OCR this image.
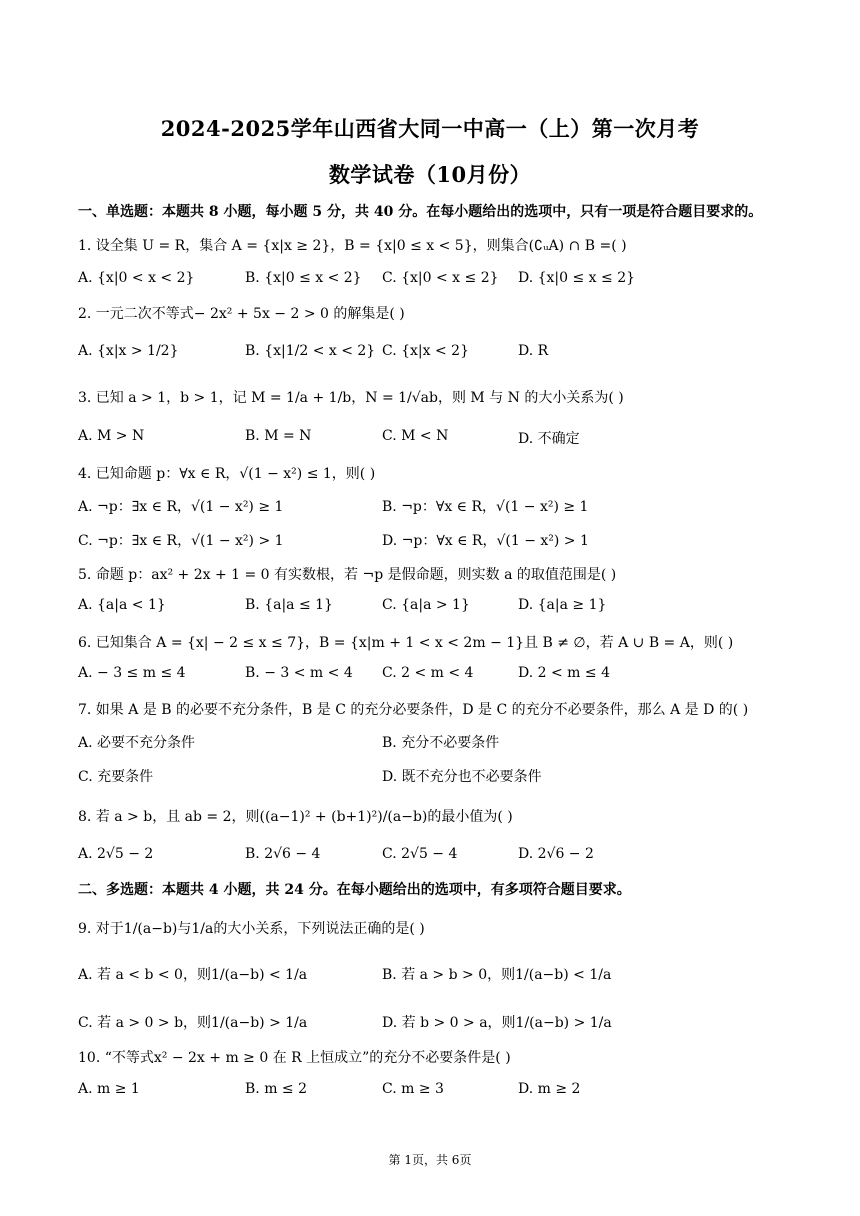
2024-2025学年山西省大同一中高一（上）第一次月考
数学试卷（10月份）
一、单选题：本题共 8 小题，每小题 5 分，共 40 分。在每小题给出的选项中，只有一项是符合题目要求的。
1. 设全集 U = R，集合 A = {x|x ≥ 2}，B = {x|0 ≤ x < 5}，则集合(∁ᵤA) ∩ B =( )
A. {x|0 < x < 2}	B. {x|0 ≤ x < 2} C. {x|0 < x ≤ 2} D. {x|0 ≤ x ≤ 2}
2. 一元二次不等式− 2x² + 5x − 2 > 0 的解集是( )
A. {x|x > 1/2}	B. {x|1/2 < x < 2} C. {x|x < 2}	D. R
3. 已知 a > 1，b > 1，记 M = 1/a + 1/b，N = 1/√ab，则 M 与 N 的大小关系为( )
A. M > N	B. M = N	C. M < N	D. 不确定
4. 已知命题 p：∀x ∈ R，√(1 − x²) ≤ 1，则( )
A. ¬p：∃x ∈ R，√(1 − x²) ≥ 1	B. ¬p：∀x ∈ R，√(1 − x²) ≥ 1
C. ¬p：∃x ∈ R，√(1 − x²) > 1	D. ¬p：∀x ∈ R，√(1 − x²) > 1
5. 命题 p：ax² + 2x + 1 = 0 有实数根，若 ¬p 是假命题，则实数 a 的取值范围是( )
A. {a|a < 1}	B. {a|a ≤ 1}	C. {a|a > 1}	D. {a|a ≥ 1}
6. 已知集合 A = {x| − 2 ≤ x ≤ 7}，B = {x|m + 1 < x < 2m − 1}且 B ≠ ∅，若 A ∪ B = A，则( )
A. − 3 ≤ m ≤ 4	B. − 3 < m < 4 C. 2 < m < 4	D. 2 < m ≤ 4
7. 如果 A 是 B 的必要不充分条件，B 是 C 的充分必要条件，D 是 C 的充分不必要条件，那么 A 是 D 的( )
A. 必要不充分条件	B. 充分不必要条件
C. 充要条件	D. 既不充分也不必要条件
8. 若 a > b，且 ab = 2，则((a−1)² + (b+1)²)/(a−b)的最小值为( )
A. 2√5 − 2	B. 2√6 − 4	C. 2√5 − 4	D. 2√6 − 2
二、多选题：本题共 4 小题，共 24 分。在每小题给出的选项中，有多项符合题目要求。
9. 对于1/(a−b)与1/a的大小关系，下列说法正确的是( )
A. 若 a < b < 0，则1/(a−b) < 1/a	B. 若 a > b > 0，则1/(a−b) < 1/a
C. 若 a > 0 > b，则1/(a−b) > 1/a	D. 若 b > 0 > a，则1/(a−b) > 1/a
10. “不等式x² − 2x + m ≥ 0 在 R 上恒成立”的充分不必要条件是( )
A. m ≥ 1	B. m ≤ 2	C. m ≥ 3	D. m ≥ 2
第 1页，共 6页
